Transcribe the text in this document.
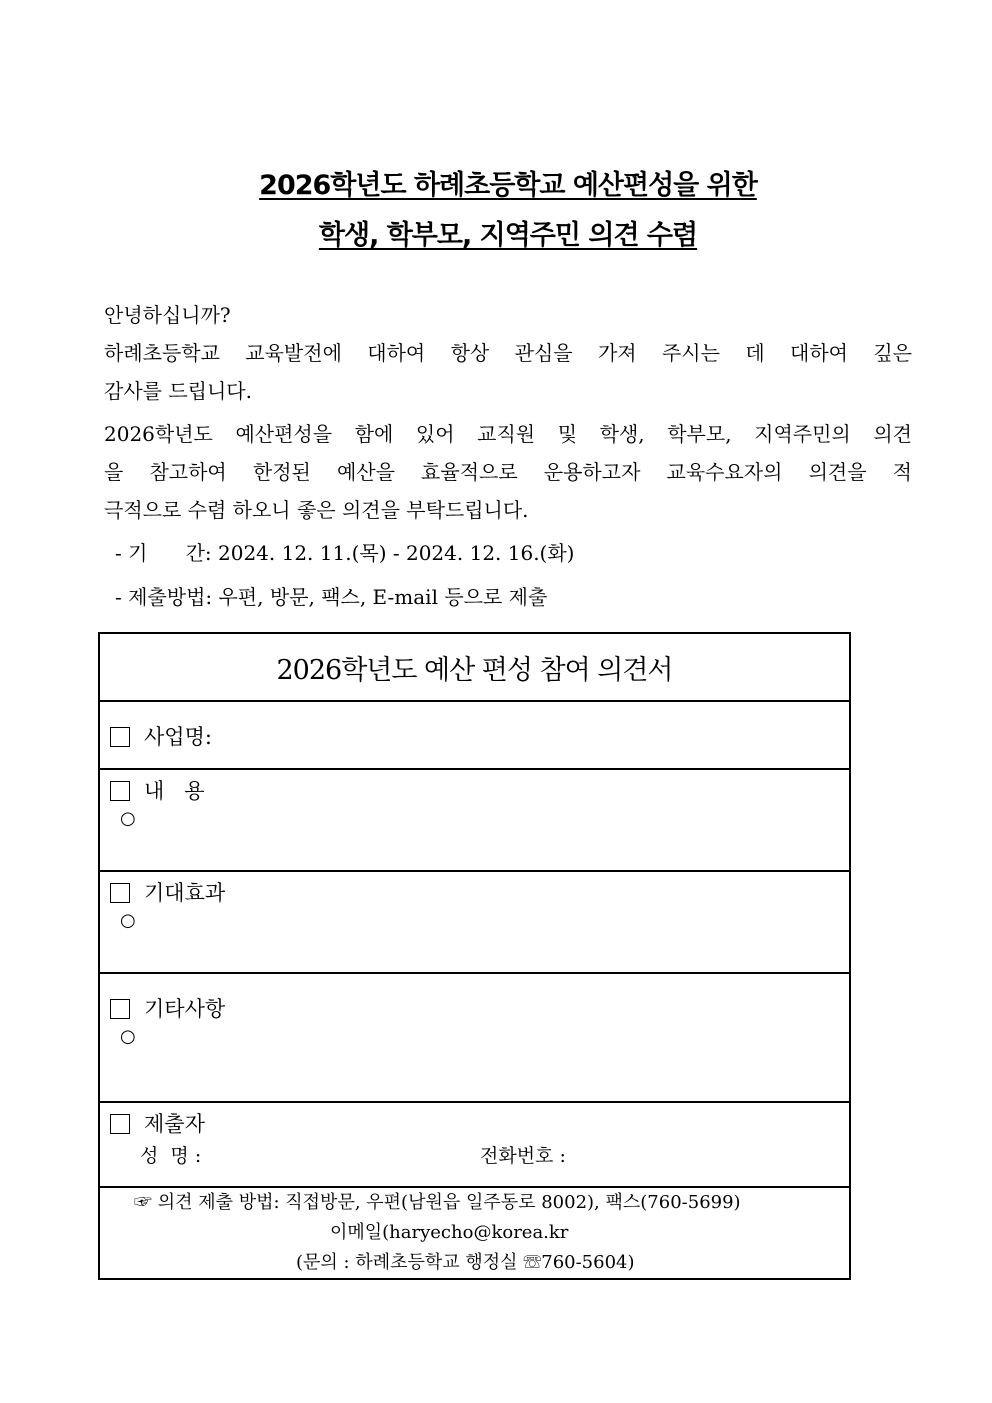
2026학년도 하례초등학교 예산편성을 위한
학생, 학부모, 지역주민 의견 수렴
안녕하십니까?
하례초등학교 교육발전에 대하여 항상 관심을 가져 주시는 데 대하여 깊은
감사를 드립니다.
2026학년도 예산편성을 함에 있어 교직원 및 학생, 학부모, 지역주민의 의견
을 참고하여 한정된 예산을 효율적으로 운용하고자 교육수요자의 의견을 적
극적으로 수렴 하오니 좋은 의견을 부탁드립니다.
- 기      간: 2024. 12. 11.(목) - 2024. 12. 16.(화)
- 제출방법: 우편, 방문, 팩스, E-mail 등으로 제출
2026학년도 예산 편성 참여 의견서

사업명:

내   용
○

기대효과
○

기타사항
○

제출자
성  명 :	전화번호 :

☞ 의견 제출 방법: 직접방문, 우편(남원읍 일주동로 8002), 팩스(760-5699)
이메일(haryecho@korea.kr
(문의 : 하례초등학교 행정실 ☏760-5604)
